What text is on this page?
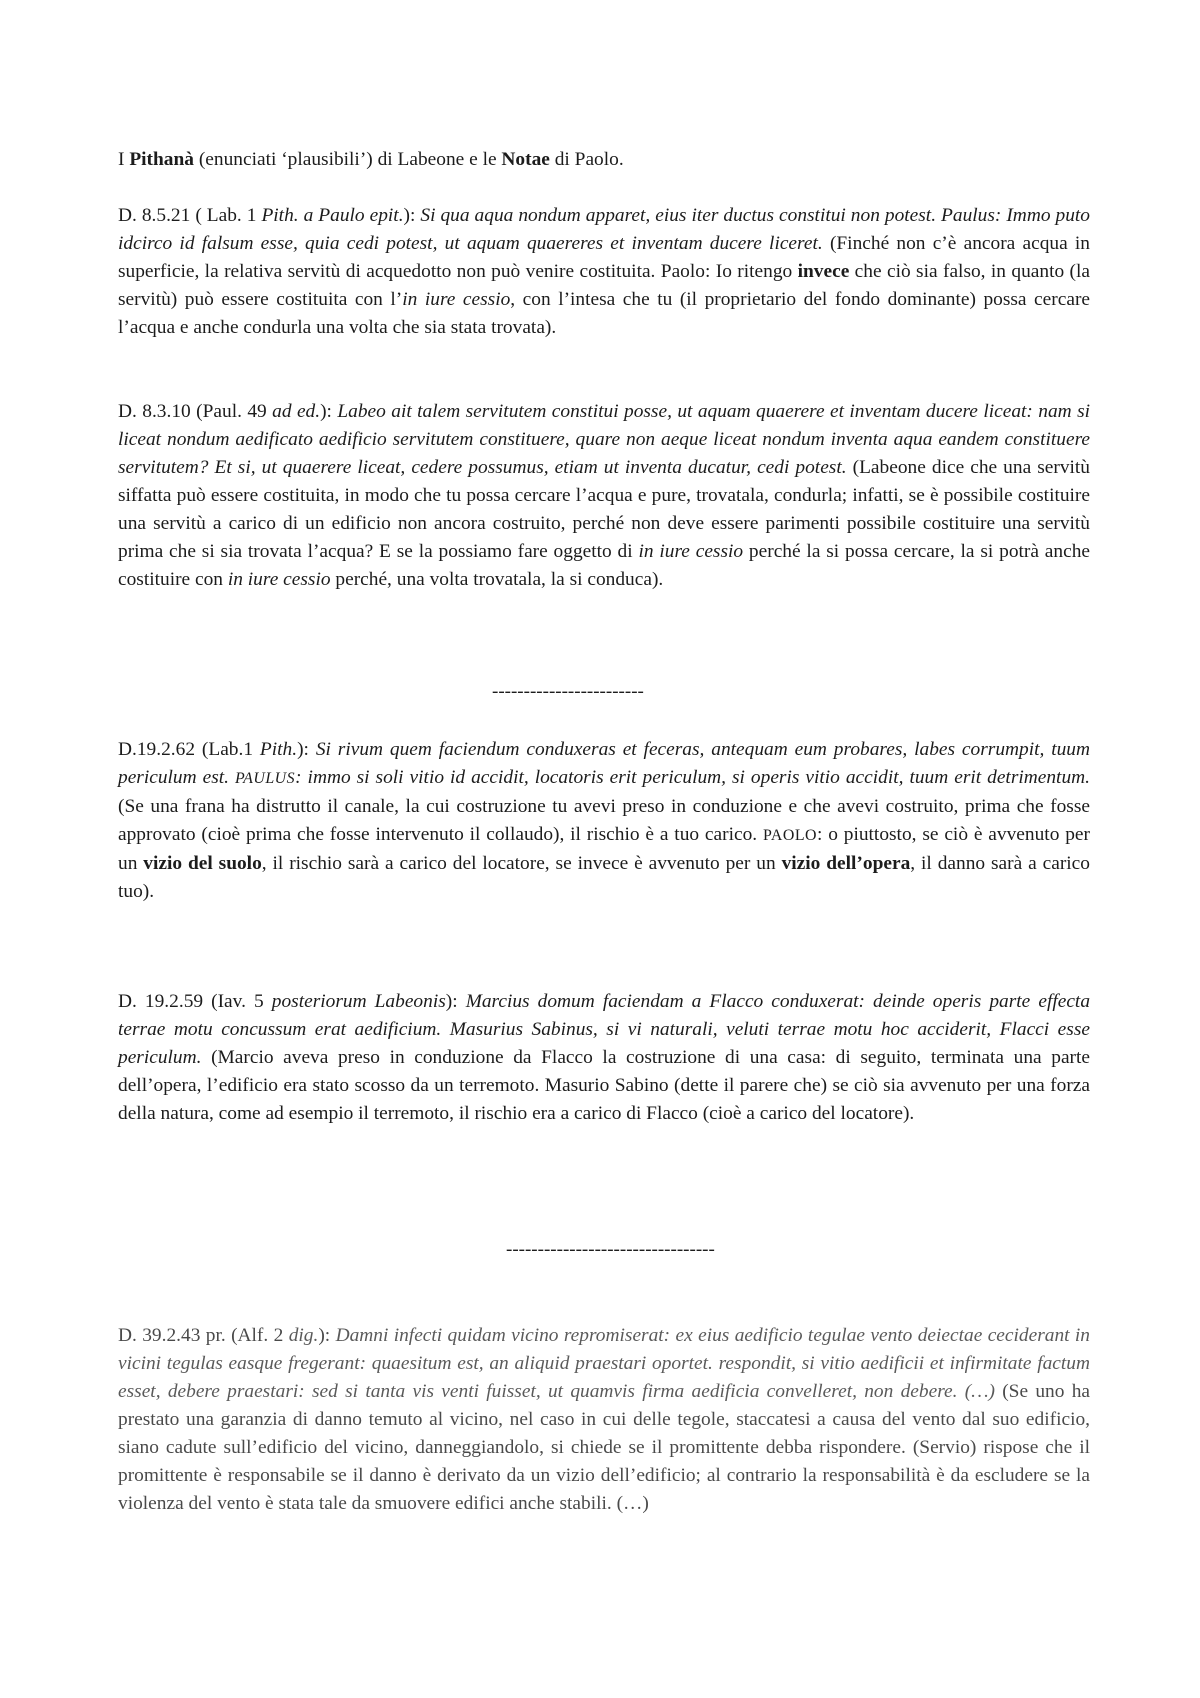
I Pithanà (enunciati ‘plausibili’) di Labeone e le Notae di Paolo.

D. 8.5.21 ( Lab. 1 Pith. a Paulo epit.): Si qua aqua nondum apparet, eius iter ductus constitui non potest. Paulus: Immo puto idcirco id falsum esse, quia cedi potest, ut aquam quaereres et inventam ducere liceret. (Finché non c’è ancora acqua in superficie, la relativa servitù di acquedotto non può venire costituita. Paolo: Io ritengo invece che ciò sia falso, in quanto (la servitù) può essere costituita con l’in iure cessio, con l’intesa che tu (il proprietario del fondo dominante) possa cercare l’acqua e anche condurla una volta che sia stata trovata).

D. 8.3.10 (Paul. 49 ad ed.): Labeo ait talem servitutem constitui posse, ut aquam quaerere et inventam ducere liceat: nam si liceat nondum aedificato aedificio servitutem constituere, quare non aeque liceat nondum inventa aqua eandem constituere servitutem? Et si, ut quaerere liceat, cedere possumus, etiam ut inventa ducatur, cedi potest. (Labeone dice che una servitù siffatta può essere costituita, in modo che tu possa cercare l’acqua e pure, trovatala, condurla; infatti, se è possibile costituire una servitù a carico di un edificio non ancora costruito, perché non deve essere parimenti possibile costituire una servitù prima che si sia trovata l’acqua? E se la possiamo fare oggetto di in iure cessio perché la si possa cercare, la si potrà anche costituire con in iure cessio perché, una volta trovatala, la si conduca).

------------------------

D.19.2.62 (Lab.1 Pith.): Si rivum quem faciendum conduxeras et feceras, antequam eum probares, labes corrumpit, tuum periculum est. PAULUS: immo si soli vitio id accidit, locatoris erit periculum, si operis vitio accidit, tuum erit detrimentum. (Se una frana ha distrutto il canale, la cui costruzione tu avevi preso in conduzione e che avevi costruito, prima che fosse approvato (cioè prima che fosse intervenuto il collaudo), il rischio è a tuo carico. PAOLO: o piuttosto, se ciò è avvenuto per un vizio del suolo, il rischio sarà a carico del locatore, se invece è avvenuto per un vizio dell’opera, il danno sarà a carico tuo).

D. 19.2.59 (Iav. 5 posteriorum Labeonis): Marcius domum faciendam a Flacco conduxerat: deinde operis parte effecta terrae motu concussum erat aedificium. Masurius Sabinus, si vi naturali, veluti terrae motu hoc acciderit, Flacci esse periculum. (Marcio aveva preso in conduzione da Flacco la costruzione di una casa: di seguito, terminata una parte dell’opera, l’edificio era stato scosso da un terremoto. Masurio Sabino (dette il parere che) se ciò sia avvenuto per una forza della natura, come ad esempio il terremoto, il rischio era a carico di Flacco (cioè a carico del locatore).

---------------------------------

D. 39.2.43 pr. (Alf. 2 dig.): Damni infecti quidam vicino repromiserat: ex eius aedificio tegulae vento deiectae ceciderant in vicini tegulas easque fregerant: quaesitum est, an aliquid praestari oportet. respondit, si vitio aedificii et infirmitate factum esset, debere praestari: sed si tanta vis venti fuisset, ut quamvis firma aedificia convelleret, non debere. (…) (Se uno ha prestato una garanzia di danno temuto al vicino, nel caso in cui delle tegole, staccatesi a causa del vento dal suo edificio, siano cadute sull’edificio del vicino, danneggiandolo, si chiede se il promittente debba rispondere. (Servio) rispose che il promittente è responsabile se il danno è derivato da un vizio dell’edificio; al contrario la responsabilità è da escludere se la violenza del vento è stata tale da smuovere edifici anche stabili. (…)
